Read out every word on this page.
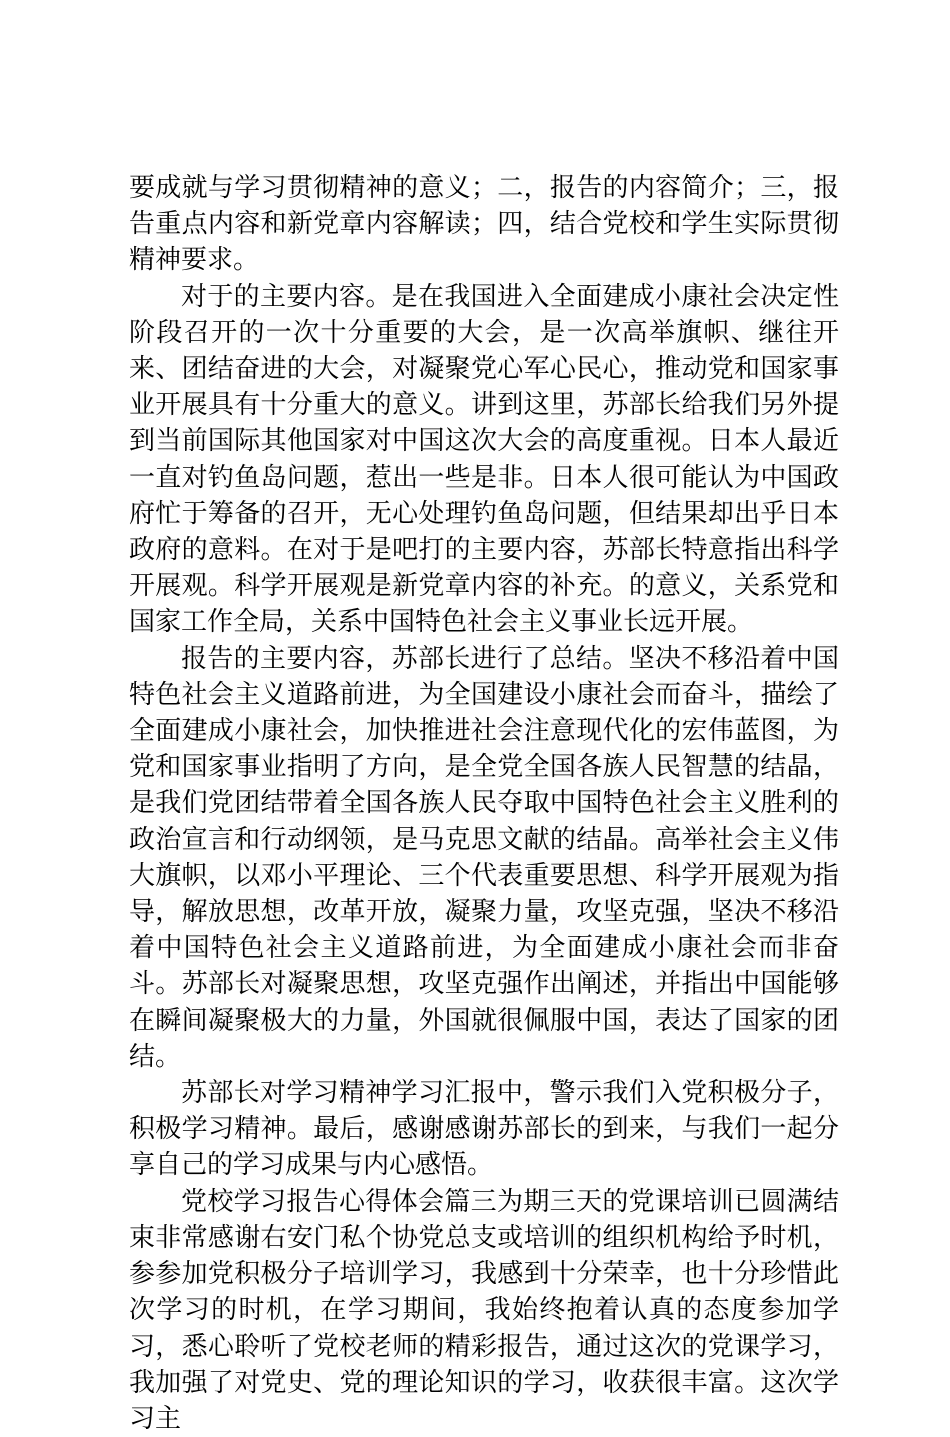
要成就与学习贯彻精神的意义；二，报告的内容简介；三，报告重点内容和新党章内容解读；四，结合党校和学生实际贯彻精神要求。

对于的主要内容。是在我国进入全面建成小康社会决定性阶段召开的一次十分重要的大会，是一次高举旗帜、继往开来、团结奋进的大会，对凝聚党心军心民心，推动党和国家事业开展具有十分重大的意义。讲到这里，苏部长给我们另外提到当前国际其他国家对中国这次大会的高度重视。日本人最近一直对钓鱼岛问题，惹出一些是非。日本人很可能认为中国政府忙于筹备的召开，无心处理钓鱼岛问题，但结果却出乎日本政府的意料。在对于是吧打的主要内容，苏部长特意指出科学开展观。科学开展观是新党章内容的补充。的意义，关系党和国家工作全局，关系中国特色社会主义事业长远开展。

报告的主要内容，苏部长进行了总结。坚决不移沿着中国特色社会主义道路前进，为全国建设小康社会而奋斗，描绘了全面建成小康社会，加快推进社会注意现代化的宏伟蓝图，为党和国家事业指明了方向，是全党全国各族人民智慧的结晶，是我们党团结带着全国各族人民夺取中国特色社会主义胜利的政治宣言和行动纲领，是马克思文献的结晶。高举社会主义伟大旗帜，以邓小平理论、三个代表重要思想、科学开展观为指导，解放思想，改革开放，凝聚力量，攻坚克强，坚决不移沿着中国特色社会主义道路前进，为全面建成小康社会而非奋斗。苏部长对凝聚思想，攻坚克强作出阐述，并指出中国能够在瞬间凝聚极大的力量，外国就很佩服中国，表达了国家的团结。

苏部长对学习精神学习汇报中，警示我们入党积极分子，积极学习精神。最后，感谢感谢苏部长的到来，与我们一起分享自己的学习成果与内心感悟。

党校学习报告心得体会篇三为期三天的党课培训已圆满结束非常感谢右安门私个协党总支或培训的组织机构给予时机，参参加党积极分子培训学习，我感到十分荣幸，也十分珍惜此次学习的时机，在学习期间，我始终抱着认真的态度参加学习，悉心聆听了党校老师的精彩报告，通过这次的党课学习，我加强了对党史、党的理论知识的学习，收获很丰富。这次学习主
